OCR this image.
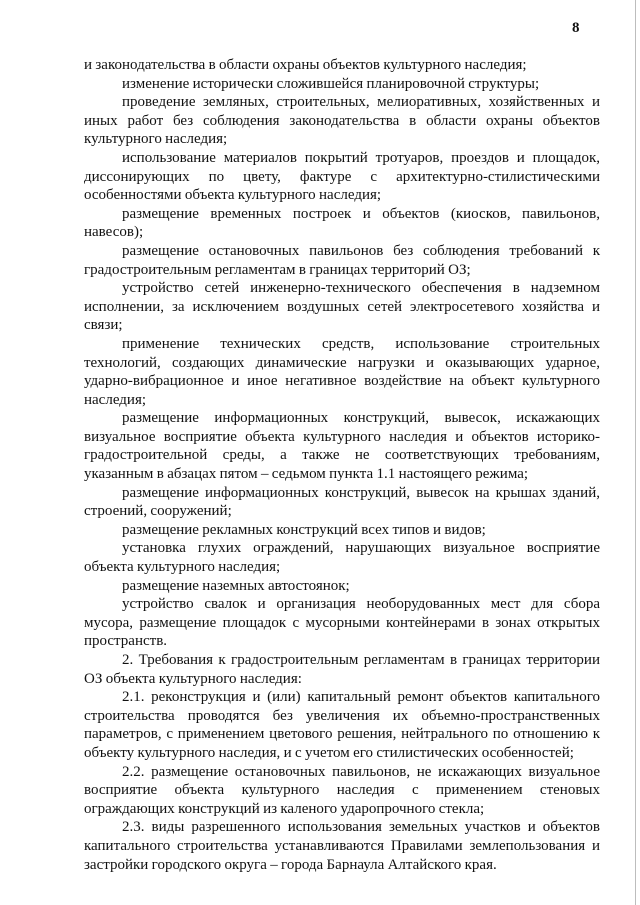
8

и законодательства в области охраны объектов культурного наследия;

изменение исторически сложившейся планировочной структуры;

проведение земляных, строительных, мелиоративных, хозяйственных и иных работ без соблюдения законодательства в области охраны объектов культурного наследия;

использование материалов покрытий тротуаров, проездов и площадок, диссонирующих по цвету, фактуре с архитектурно-стилистическими особенностями объекта культурного наследия;

размещение временных построек и объектов (киосков, павильонов, навесов);

размещение остановочных павильонов без соблюдения требований к градостроительным регламентам в границах территорий ОЗ;

устройство сетей инженерно-технического обеспечения в надземном исполнении, за исключением воздушных сетей электросетевого хозяйства и связи;

применение технических средств, использование строительных технологий, создающих динамические нагрузки и оказывающих ударное, ударно-вибрационное и иное негативное воздействие на объект культурного наследия;

размещение информационных конструкций, вывесок, искажающих визуальное восприятие объекта культурного наследия и объектов историко-градостроительной среды, а также не соответствующих требованиям, указанным в абзацах пятом – седьмом пункта 1.1 настоящего режима;

размещение информационных конструкций, вывесок на крышах зданий, строений, сооружений;

размещение рекламных конструкций всех типов и видов;

установка глухих ограждений, нарушающих визуальное восприятие объекта культурного наследия;

размещение наземных автостоянок;

устройство свалок и организация необорудованных мест для сбора мусора, размещение площадок с мусорными контейнерами в зонах открытых пространств.

2. Требования к градостроительным регламентам в границах территории ОЗ объекта культурного наследия:

2.1. реконструкция и (или) капитальный ремонт объектов капитального строительства проводятся без увеличения их объемно-пространственных параметров, с применением цветового решения, нейтрального по отношению к объекту культурного наследия, и с учетом его стилистических особенностей;

2.2. размещение остановочных павильонов, не искажающих визуальное восприятие объекта культурного наследия с применением стеновых ограждающих конструкций из каленого ударопрочного стекла;

2.3. виды разрешенного использования земельных участков и объектов капитального строительства устанавливаются Правилами землепользования и застройки городского округа – города Барнаула Алтайского края.
